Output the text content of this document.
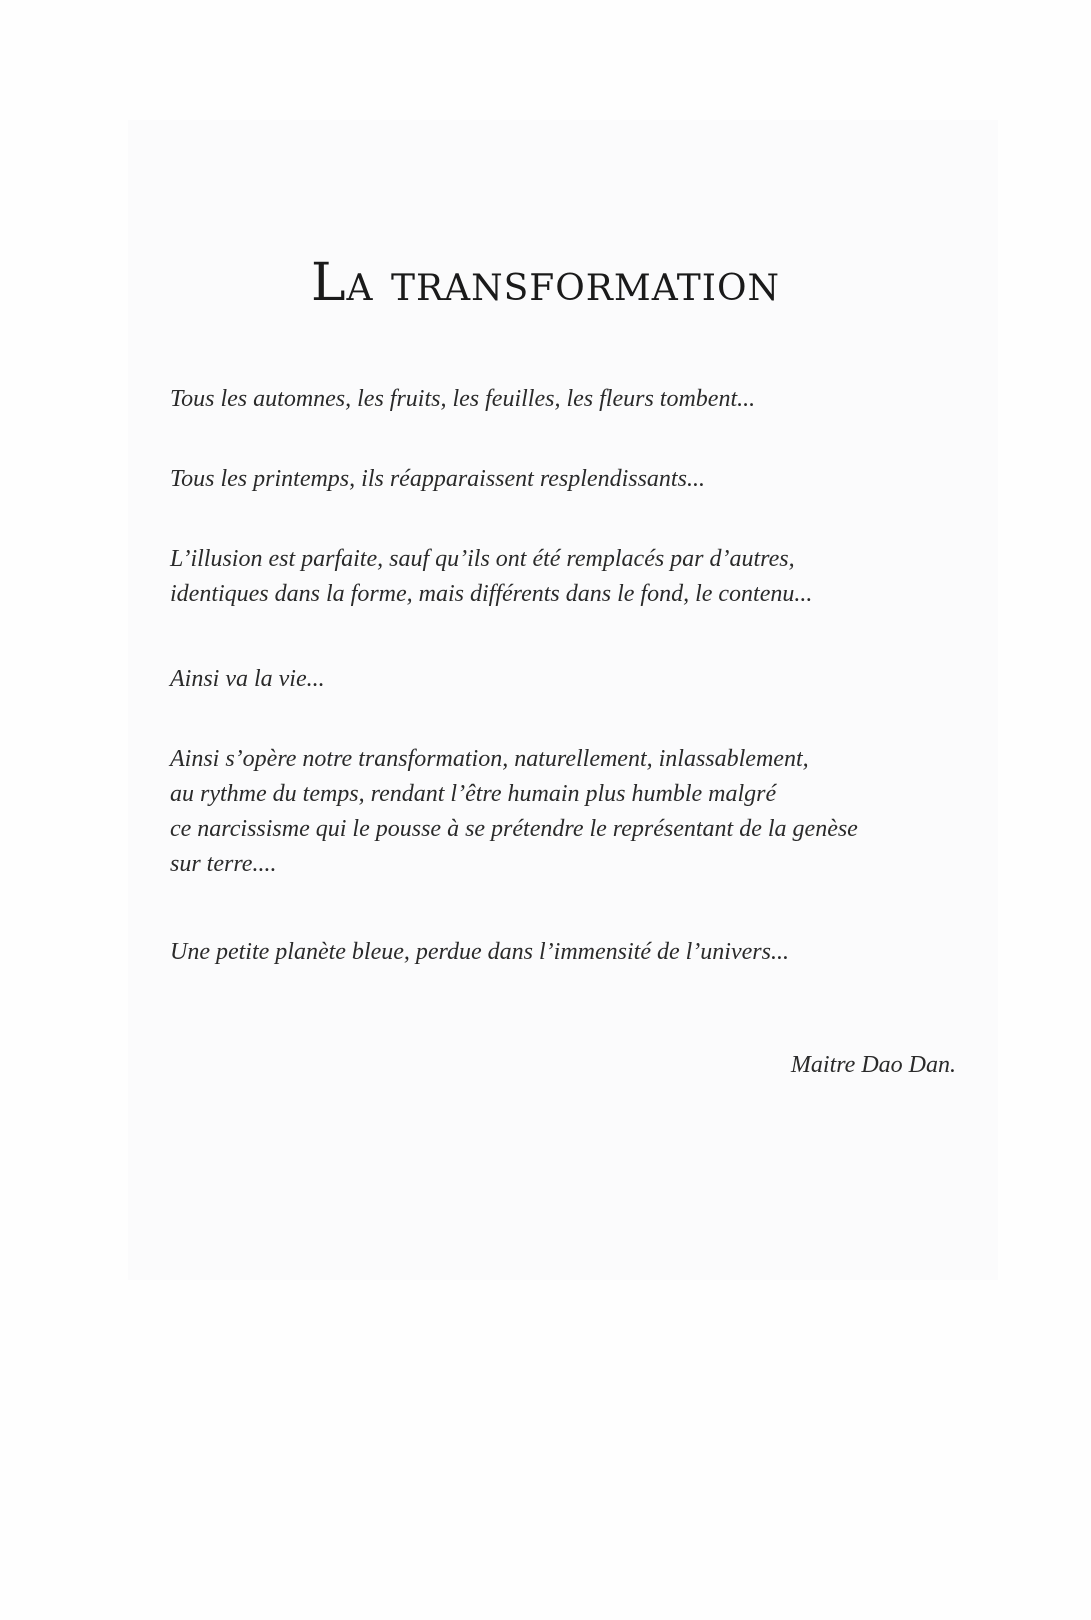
La transformation

Tous les automnes, les fruits, les feuilles, les fleurs tombent...

Tous les printemps, ils réapparaissent resplendissants...

L’illusion est parfaite, sauf qu’ils ont été remplacés par d’autres,
identiques dans la forme, mais différents dans le fond, le contenu...

Ainsi va la vie...

Ainsi s’opère notre transformation, naturellement, inlassablement,
au rythme du temps, rendant l’être humain plus humble malgré
ce narcissisme qui le pousse à se prétendre le représentant de la genèse
sur terre....

Une petite planète bleue, perdue dans l’immensité de l’univers...

Maitre Dao Dan.
